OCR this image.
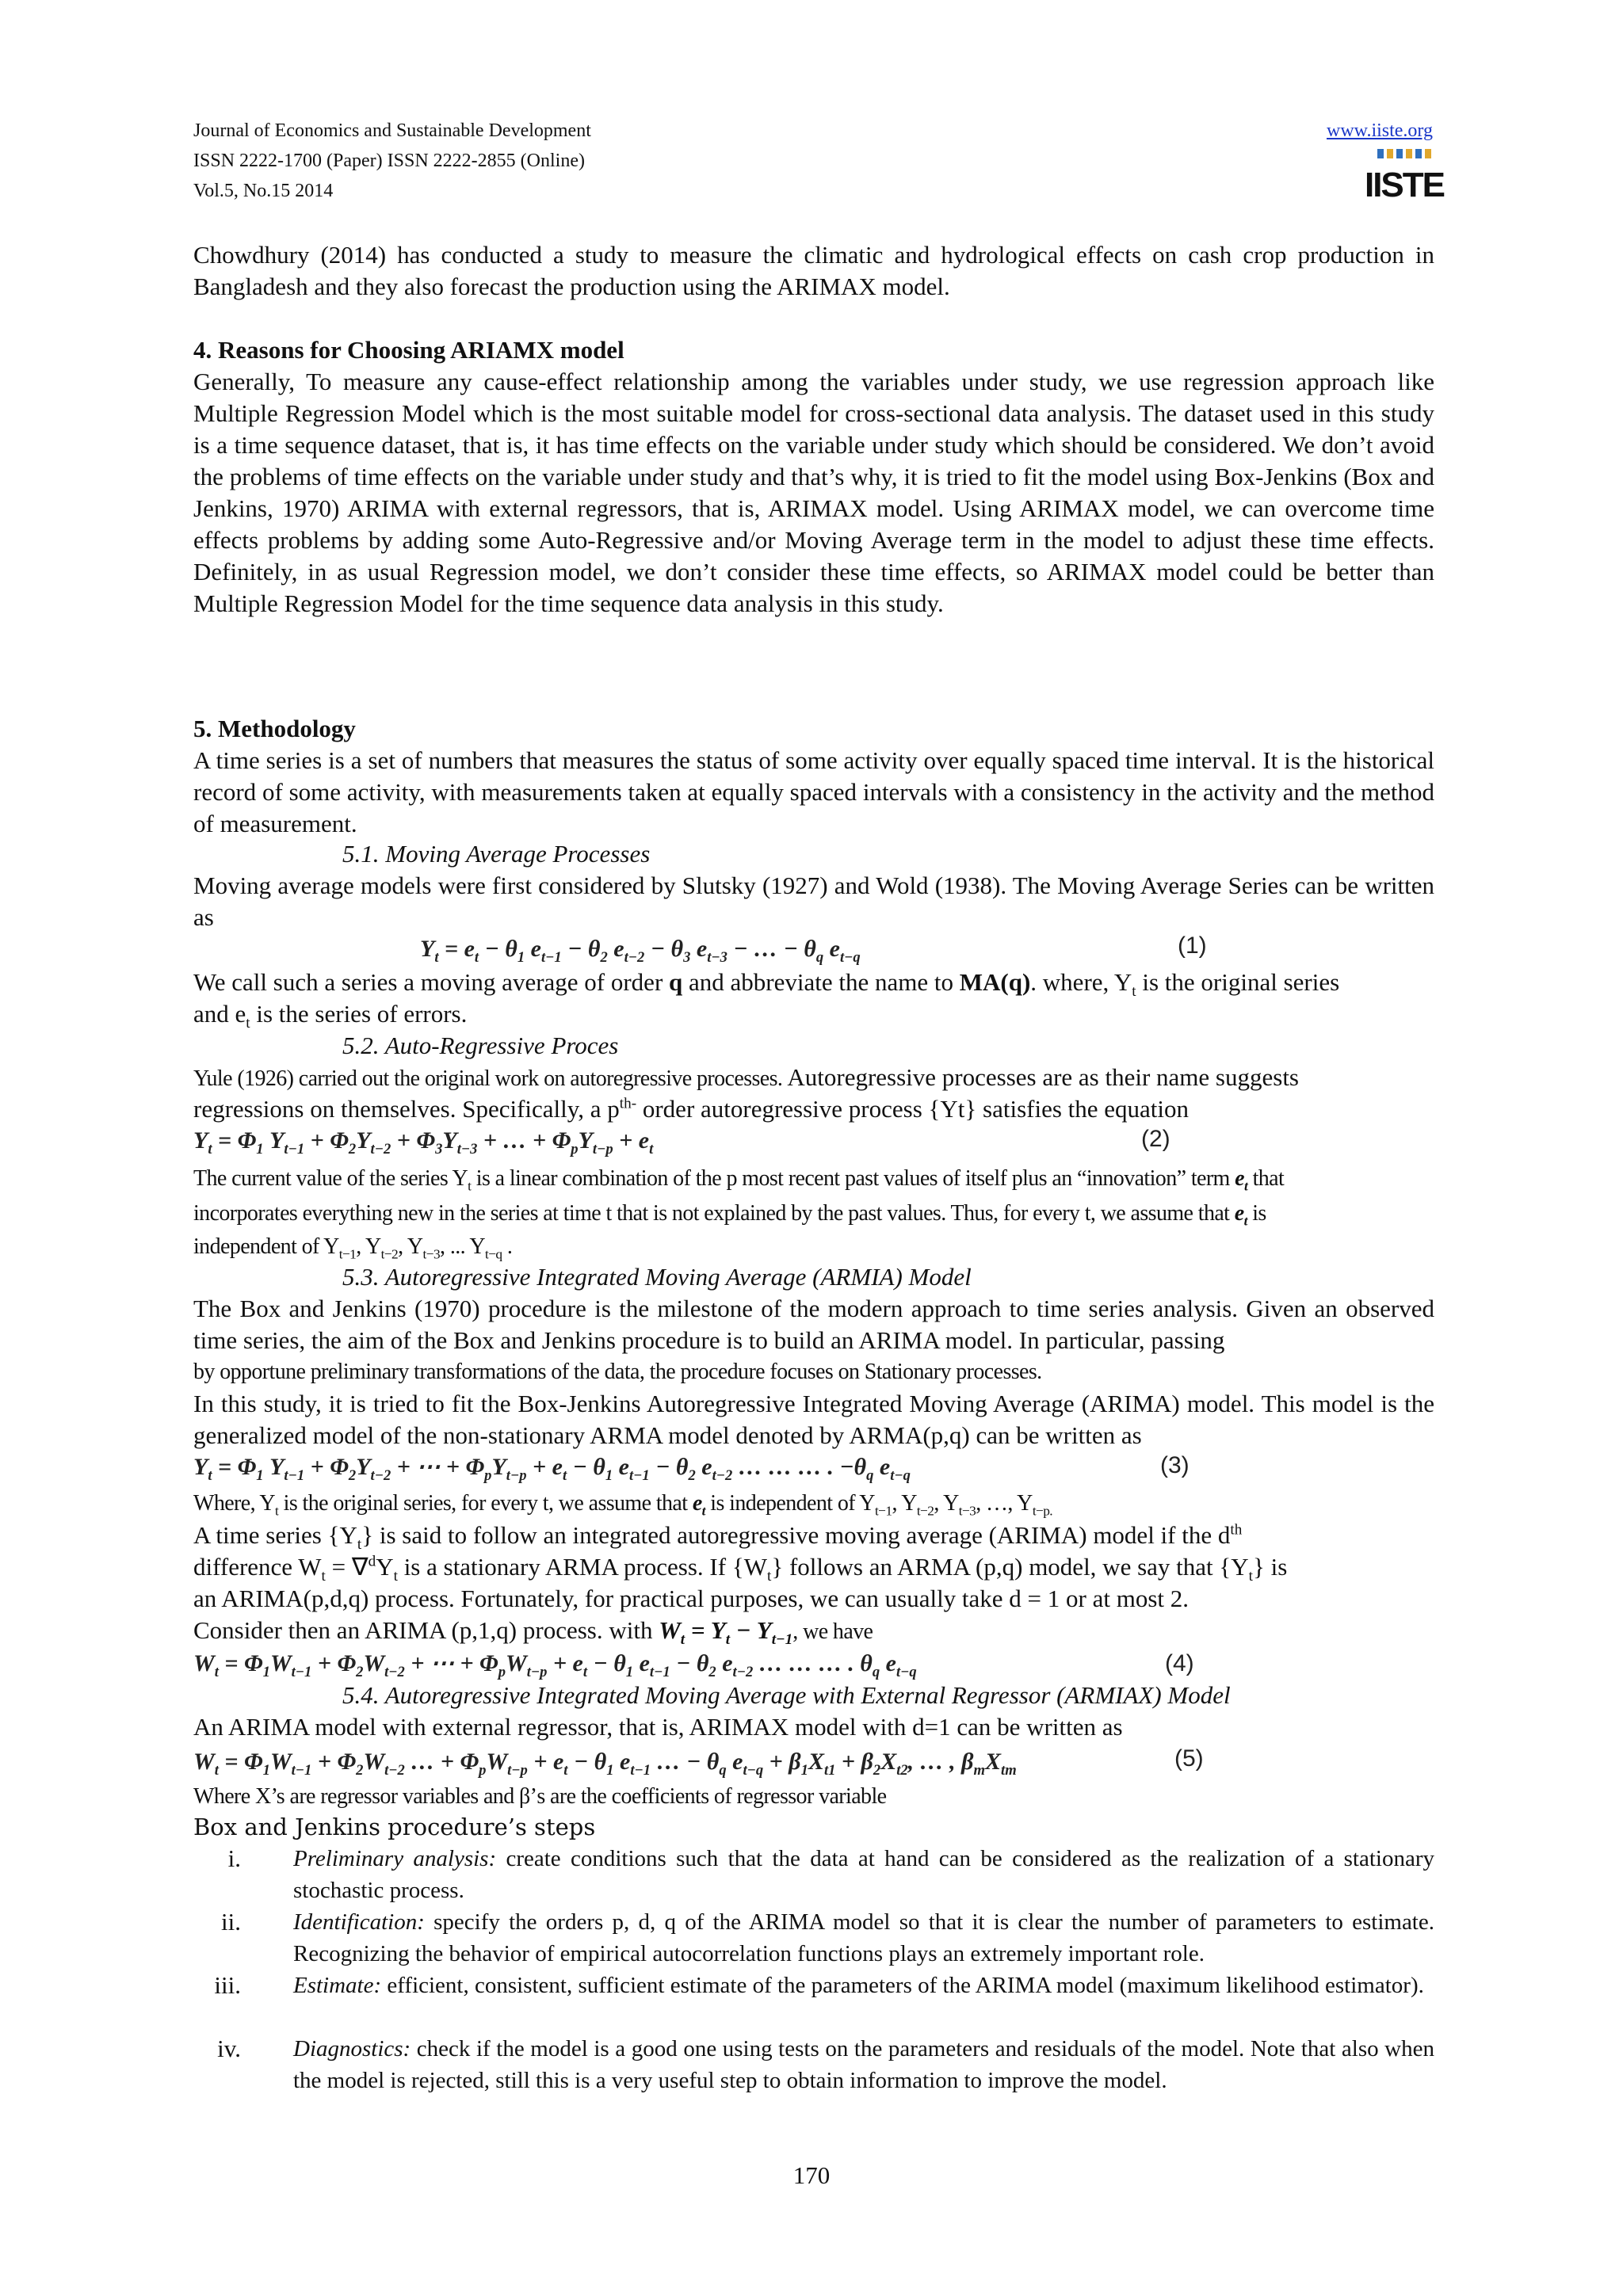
Journal of Economics and Sustainable Development
ISSN 2222-1700 (Paper) ISSN 2222-2855 (Online)
Vol.5, No.15 2014
www.iiste.org
IISTE
Chowdhury (2014) has conducted a study to measure the climatic and hydrological effects on cash crop production in Bangladesh and they also forecast the production using the ARIMAX model.
4. Reasons for Choosing ARIAMX model
Generally, To measure any cause-effect relationship among the variables under study, we use regression approach like Multiple Regression Model which is the most suitable model for cross-sectional data analysis. The dataset used in this study is a time sequence dataset, that is, it has time effects on the variable under study which should be considered. We don’t avoid the problems of time effects on the variable under study and that’s why, it is tried to fit the model using Box-Jenkins (Box and Jenkins, 1970) ARIMA with external regressors, that is, ARIMAX model. Using ARIMAX model, we can overcome time effects problems by adding some Auto-Regressive and/or Moving Average term in the model to adjust these time effects. Definitely, in as usual Regression model, we don’t consider these time effects, so ARIMAX model could be better than Multiple Regression Model for the time sequence data analysis in this study.
5. Methodology
A time series is a set of numbers that measures the status of some activity over equally spaced time interval. It is the historical record of some activity, with measurements taken at equally spaced intervals with a consistency in the activity and the method of measurement.
5.1. Moving Average Processes
Moving average models were first considered by Slutsky (1927) and Wold (1938). The Moving Average Series can be written as
$Y_t = e_t - \theta_1$ $e_{t-1} - \theta_2$ $e_{t-2} - \theta_3$ $e_{t-3}$ − … − $\theta_q$ $e_{t-q}$	(1)
We call such a series a moving average of order q and abbreviate the name to MA(q). where, $Y_t$ is the original series
and $e_t$ is the series of errors.
5.2. Auto-Regressive Proces
Yule (1926) carried out the original work on autoregressive processes. Autoregressive processes are as their name suggests
regressions on themselves. Specifically, a $p^{th-}$ order autoregressive process {Yt} satisfies the equation
$Y_t = \Phi_1$ $Y_{t-1} + \Phi_2Y_{t-2} + \Phi_3Y_{t-3}$ + … + $\Phi_pY_{t-p} + e_t$	(2)
The current value of the series $Y_t$ is a linear combination of the p most recent past values of itself plus an “innovation” term $e_t$ that
incorporates everything new in the series at time t that is not explained by the past values. Thus, for every t, we assume that $e_t$ is
independent of $Y_{t-1}$, $Y_{t-2}$, $Y_{t-3}$, ... $Y_{t-q}$ .
5.3. Autoregressive Integrated Moving Average (ARMIA) Model
The Box and Jenkins (1970) procedure is the milestone of the modern approach to time series analysis. Given an observed time series, the aim of the Box and Jenkins procedure is to build an ARIMA model. In particular, passing
by opportune preliminary transformations of the data, the procedure focuses on Stationary processes.
In this study, it is tried to fit the Box-Jenkins Autoregressive Integrated Moving Average (ARIMA) model. This model is the generalized model of the non-stationary ARMA model denoted by ARMA(p,q) can be written as
$Y_t = \Phi_1$ $Y_{t-1} + \Phi_2Y_{t-2}$ + ⋯ + $\Phi_pY_{t-p} + e_t - \theta_1$ $e_{t-1} - \theta_2$ $e_{t-2}$ … … … . $-\theta_q$ $e_{t-q}$	(3)
Where, $Y_t$ is the original series, for every t, we assume that $e_t$ is independent of $Y_{t-1}$, $Y_{t-2}$, $Y_{t-3}$, …, $Y_{t-p.}$
A time series $\{Y_t\}$ is said to follow an integrated autoregressive moving average (ARIMA) model if the $d^{th}$
difference $W_t = \nabla^dY_t$ is a stationary ARMA process. If $\{W_t\}$ follows an ARMA (p,q) model, we say that $\{Y_t\}$ is
an ARIMA(p,d,q) process. Fortunately, for practical purposes, we can usually take d = 1 or at most 2.
Consider then an ARIMA (p,1,q) process. with $W_t = Y_t - Y_{t-1}$, we have
$W_t = \Phi_1W_{t-1} + \Phi_2W_{t-2}$ + ⋯ + $\Phi_pW_{t-p} + e_t - \theta_1$ $e_{t-1} - \theta_2$ $e_{t-2}$ … … … . $\theta_q$ $e_{t-q}$	(4)
5.4. Autoregressive Integrated Moving Average with External Regressor (ARMIAX) Model
An ARIMA model with external regressor, that is, ARIMAX model with d=1 can be written as
$W_t = \Phi_1W_{t-1} + \Phi_2W_{t-2}$ … + $\Phi_pW_{t-p} + e_t - \theta_1$ $e_{t-1}$ … − $\theta_q$ $e_{t-q} + \beta_1X_{t1} + \beta_2X_{t2}$, … , $\beta_mX_{tm}$	(5)
Where X’s are regressor variables and β’s are the coefficients of regressor variable
Box and Jenkins procedure’s steps
i. Preliminary analysis: create conditions such that the data at hand can be considered as the realization of a stationary stochastic process.
ii. Identification: specify the orders p, d, q of the ARIMA model so that it is clear the number of parameters to estimate. Recognizing the behavior of empirical autocorrelation functions plays an extremely important role.
iii. Estimate: efficient, consistent, sufficient estimate of the parameters of the ARIMA model (maximum likelihood estimator).
iv. Diagnostics: check if the model is a good one using tests on the parameters and residuals of the model. Note that also when the model is rejected, still this is a very useful step to obtain information to improve the model.
170
